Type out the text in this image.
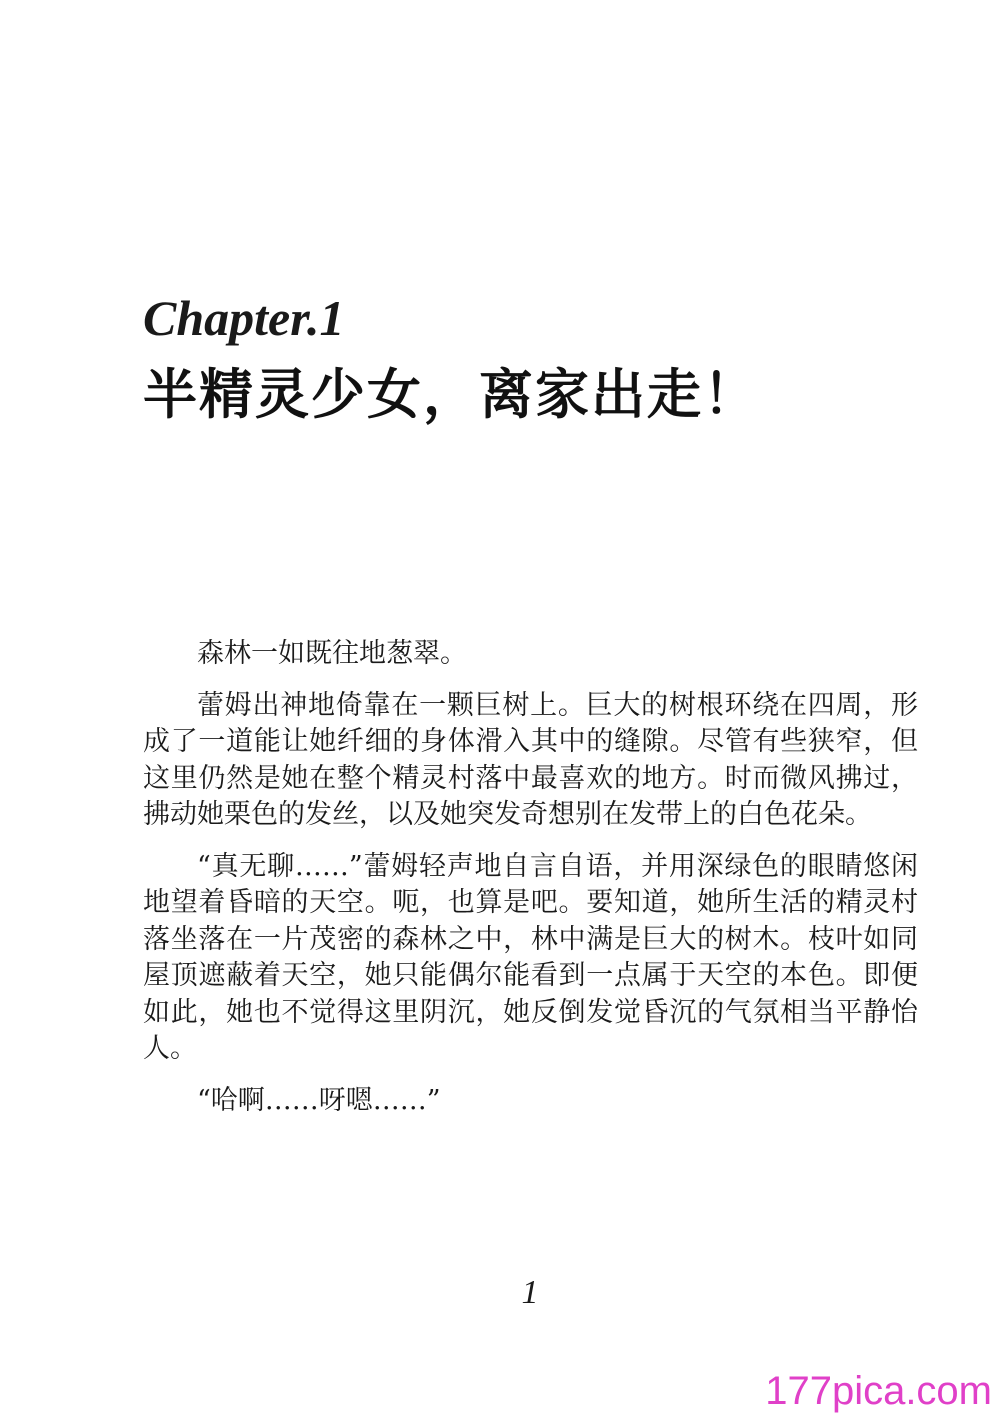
Chapter.1
半精灵少女，离家出走！

森林一如既往地葱翠。

蕾姆出神地倚靠在一颗巨树上。巨大的树根环绕在四周，形成了一道能让她纤细的身体滑入其中的缝隙。尽管有些狭窄，但这里仍然是她在整个精灵村落中最喜欢的地方。时而微风拂过，拂动她栗色的发丝，以及她突发奇想别在发带上的白色花朵。

“真无聊……”蕾姆轻声地自言自语，并用深绿色的眼睛悠闲地望着昏暗的天空。呃，也算是吧。要知道，她所生活的精灵村落坐落在一片茂密的森林之中，林中满是巨大的树木。枝叶如同屋顶遮蔽着天空，她只能偶尔能看到一点属于天空的本色。即便如此，她也不觉得这里阴沉，她反倒发觉昏沉的气氛相当平静怡人。

“哈啊……呀嗯……”

1
177pica.com
